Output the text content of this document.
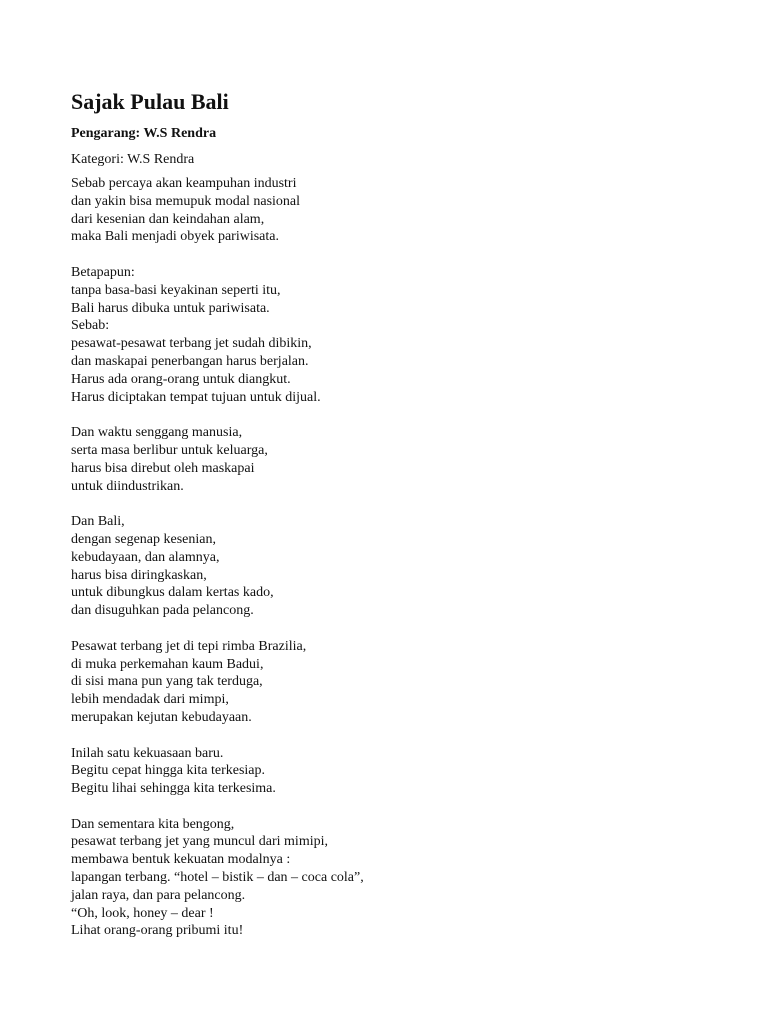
Sajak Pulau Bali
Pengarang: W.S Rendra
Kategori: W.S Rendra
Sebab percaya akan keampuhan industri
dan yakin bisa memupuk modal nasional
dari kesenian dan keindahan alam,
maka Bali menjadi obyek pariwisata.
Betapapun:
tanpa basa-basi keyakinan seperti itu,
Bali harus dibuka untuk pariwisata.
Sebab:
pesawat-pesawat terbang jet sudah dibikin,
dan maskapai penerbangan harus berjalan.
Harus ada orang-orang untuk diangkut.
Harus diciptakan tempat tujuan untuk dijual.
Dan waktu senggang manusia,
serta masa berlibur untuk keluarga,
harus bisa direbut oleh maskapai
untuk diindustrikan.
Dan Bali,
dengan segenap kesenian,
kebudayaan, dan alamnya,
harus bisa diringkaskan,
untuk dibungkus dalam kertas kado,
dan disuguhkan pada pelancong.
Pesawat terbang jet di tepi rimba Brazilia,
di muka perkemahan kaum Badui,
di sisi mana pun yang tak terduga,
lebih mendadak dari mimpi,
merupakan kejutan kebudayaan.
Inilah satu kekuasaan baru.
Begitu cepat hingga kita terkesiap.
Begitu lihai sehingga kita terkesima.
Dan sementara kita bengong,
pesawat terbang jet yang muncul dari mimipi,
membawa bentuk kekuatan modalnya :
lapangan terbang. “hotel – bistik – dan – coca cola”,
jalan raya, dan para pelancong.
“Oh, look, honey – dear !
Lihat orang-orang pribumi itu!
